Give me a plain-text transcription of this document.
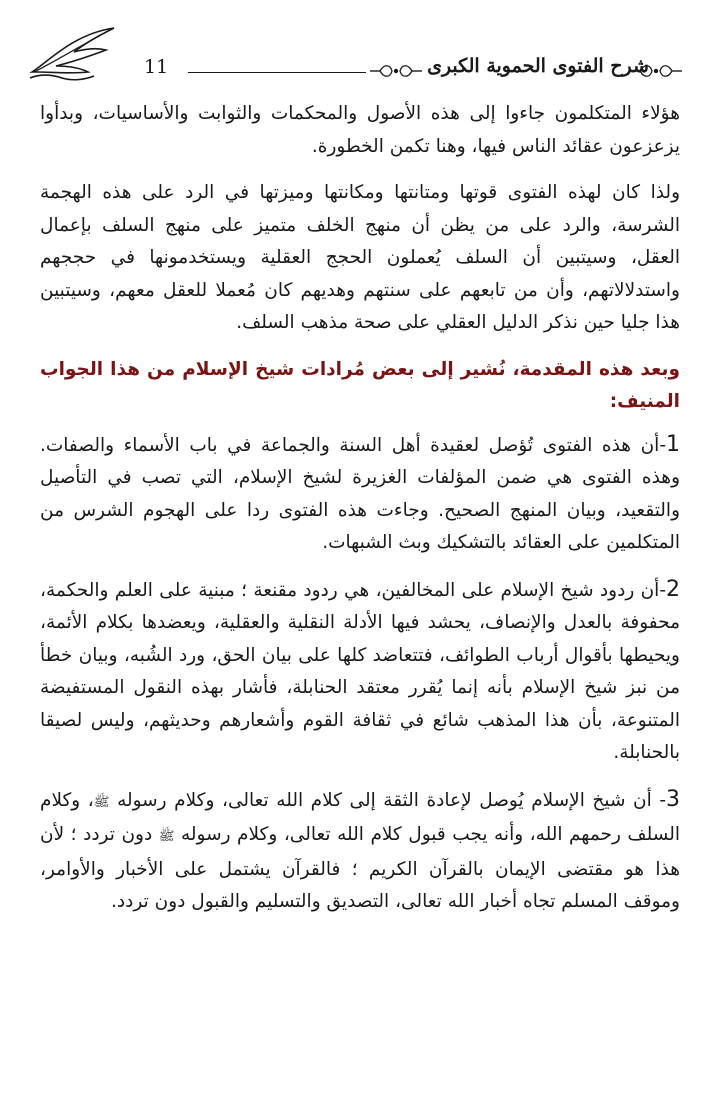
11	شرح الفتوى الحموية الكبرى

هؤلاء المتكلمون جاءوا إلى هذه الأصول والمحكمات والثوابت والأساسيات، وبدأوا يزعزعون عقائد الناس فيها، وهنا تكمن الخطورة.

ولذا كان لهذه الفتوى قوتها ومتانتها ومكانتها وميزتها في الرد على هذه الهجمة الشرسة، والرد على من يظن أن منهج الخلف متميز على منهج السلف بإعمال العقل، وسيتبين أن السلف يُعملون الحجج العقلية ويستخدمونها في حججهم واستدلالاتهم، وأن من تابعهم على سنتهم وهديهم كان مُعملا للعقل معهم، وسيتبين هذا جليا حين نذكر الدليل العقلي على صحة مذهب السلف.

وبعد هذه المقدمة، نُشير إلى بعض مُرادات شيخ الإسلام من هذا الجواب المنيف:

1-أن هذه الفتوى تُؤصل لعقيدة أهل السنة والجماعة في باب الأسماء والصفات. وهذه الفتوى هي ضمن المؤلفات الغزيرة لشيخ الإسلام، التي تصب في التأصيل والتقعيد، وبيان المنهج الصحيح. وجاءت هذه الفتوى ردا على الهجوم الشرس من المتكلمين على العقائد بالتشكيك وبث الشبهات.

2-أن ردود شيخ الإسلام على المخالفين، هي ردود مقنعة ؛ مبنية على العلم والحكمة، محفوفة بالعدل والإنصاف، يحشد فيها الأدلة النقلية والعقلية، ويعضدها بكلام الأئمة، ويحيطها بأقوال أرباب الطوائف، فتتعاضد كلها على بيان الحق، ورد الشُبه، وبيان خطأ من نبز شيخ الإسلام بأنه إنما يُقرر معتقد الحنابلة، فأشار بهذه النقول المستفيضة المتنوعة، بأن هذا المذهب شائع في ثقافة القوم وأشعارهم وحديثهم، وليس لصيقا بالحنابلة.

3- أن شيخ الإسلام يُوصل لإعادة الثقة إلى كلام الله تعالى، وكلام رسوله ﷺ، وكلام السلف رحمهم الله، وأنه يجب قبول كلام الله تعالى، وكلام رسوله ﷺ دون تردد ؛ لأن هذا هو مقتضى الإيمان بالقرآن الكريم ؛ فالقرآن يشتمل على الأخبار والأوامر، وموقف المسلم تجاه أخبار الله تعالى، التصديق والتسليم والقبول دون تردد.
